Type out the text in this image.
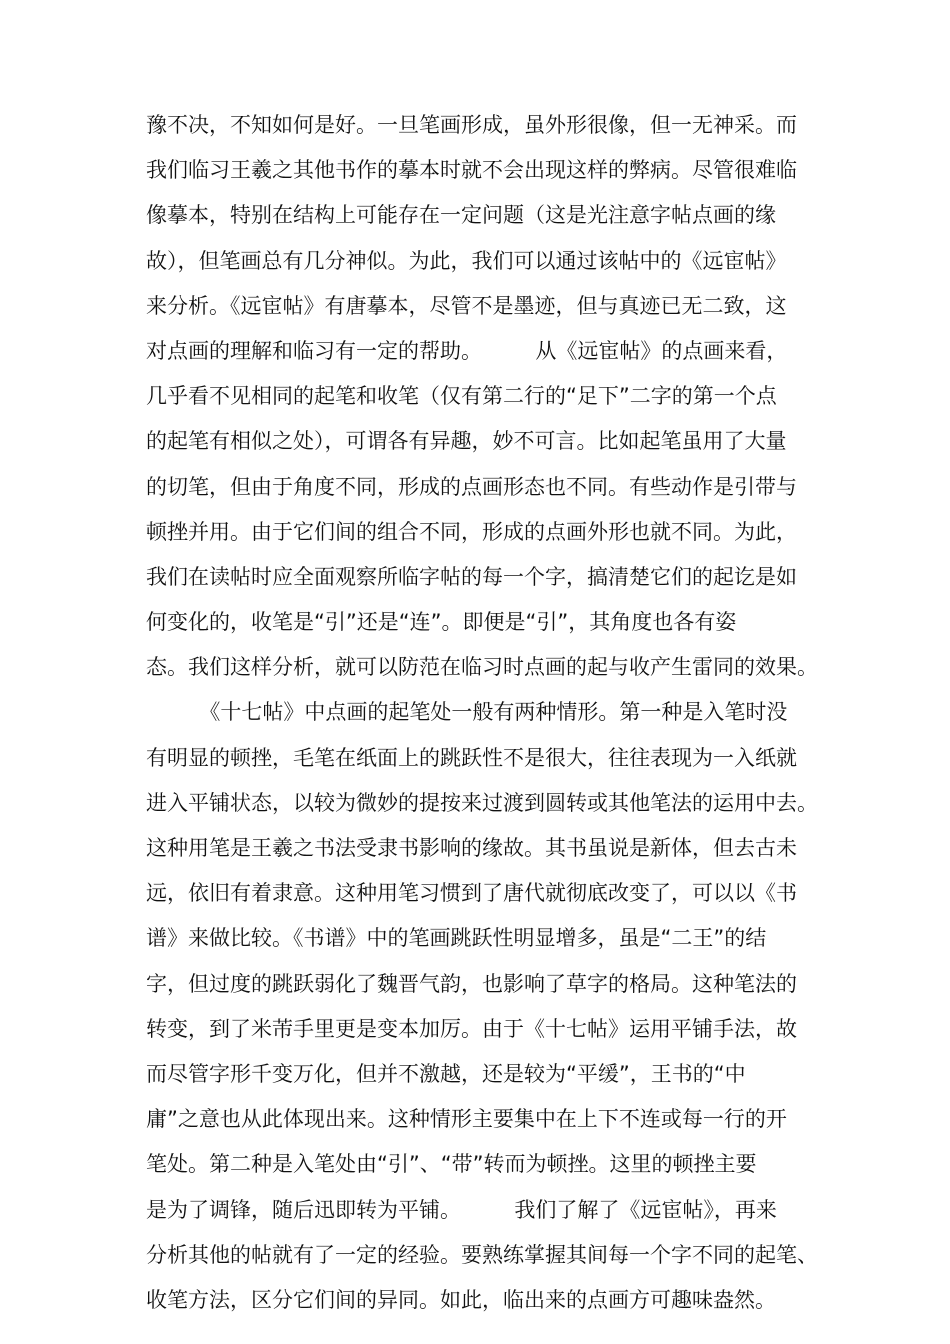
豫不决，不知如何是好。一旦笔画形成，虽外形很像，但一无神采。而
我们临习王羲之其他书作的摹本时就不会出现这样的弊病。尽管很难临
像摹本，特别在结构上可能存在一定问题（这是光注意字帖点画的缘
故），但笔画总有几分神似。为此，我们可以通过该帖中的《远宦帖》
来分析。《远宦帖》有唐摹本，尽管不是墨迹，但与真迹已无二致，这
对点画的理解和临习有一定的帮助。        从《远宦帖》的点画来看，
几乎看不见相同的起笔和收笔（仅有第二行的“足下”二字的第一个点
的起笔有相似之处），可谓各有异趣，妙不可言。比如起笔虽用了大量
的切笔，但由于角度不同，形成的点画形态也不同。有些动作是引带与
顿挫并用。由于它们间的组合不同，形成的点画外形也就不同。为此，
我们在读帖时应全面观察所临字帖的每一个字，搞清楚它们的起讫是如
何变化的，收笔是“引”还是“连”。即便是“引”，其角度也各有姿
态。我们这样分析，就可以防范在临习时点画的起与收产生雷同的效果。
《十七帖》中点画的起笔处一般有两种情形。第一种是入笔时没
有明显的顿挫，毛笔在纸面上的跳跃性不是很大，往往表现为一入纸就
进入平铺状态，以较为微妙的提按来过渡到圆转或其他笔法的运用中去。
这种用笔是王羲之书法受隶书影响的缘故。其书虽说是新体，但去古未
远，依旧有着隶意。这种用笔习惯到了唐代就彻底改变了，可以以《书
谱》来做比较。《书谱》中的笔画跳跃性明显增多，虽是“二王”的结
字，但过度的跳跃弱化了魏晋气韵，也影响了草字的格局。这种笔法的
转变，到了米芾手里更是变本加厉。由于《十七帖》运用平铺手法，故
而尽管字形千变万化，但并不激越，还是较为“平缓”，王书的“中
庸”之意也从此体现出来。这种情形主要集中在上下不连或每一行的开
笔处。第二种是入笔处由“引”、“带”转而为顿挫。这里的顿挫主要
是为了调锋，随后迅即转为平铺。        我们了解了《远宦帖》，再来
分析其他的帖就有了一定的经验。要熟练掌握其间每一个字不同的起笔、
收笔方法，区分它们间的异同。如此，临出来的点画方可趣味盎然。
